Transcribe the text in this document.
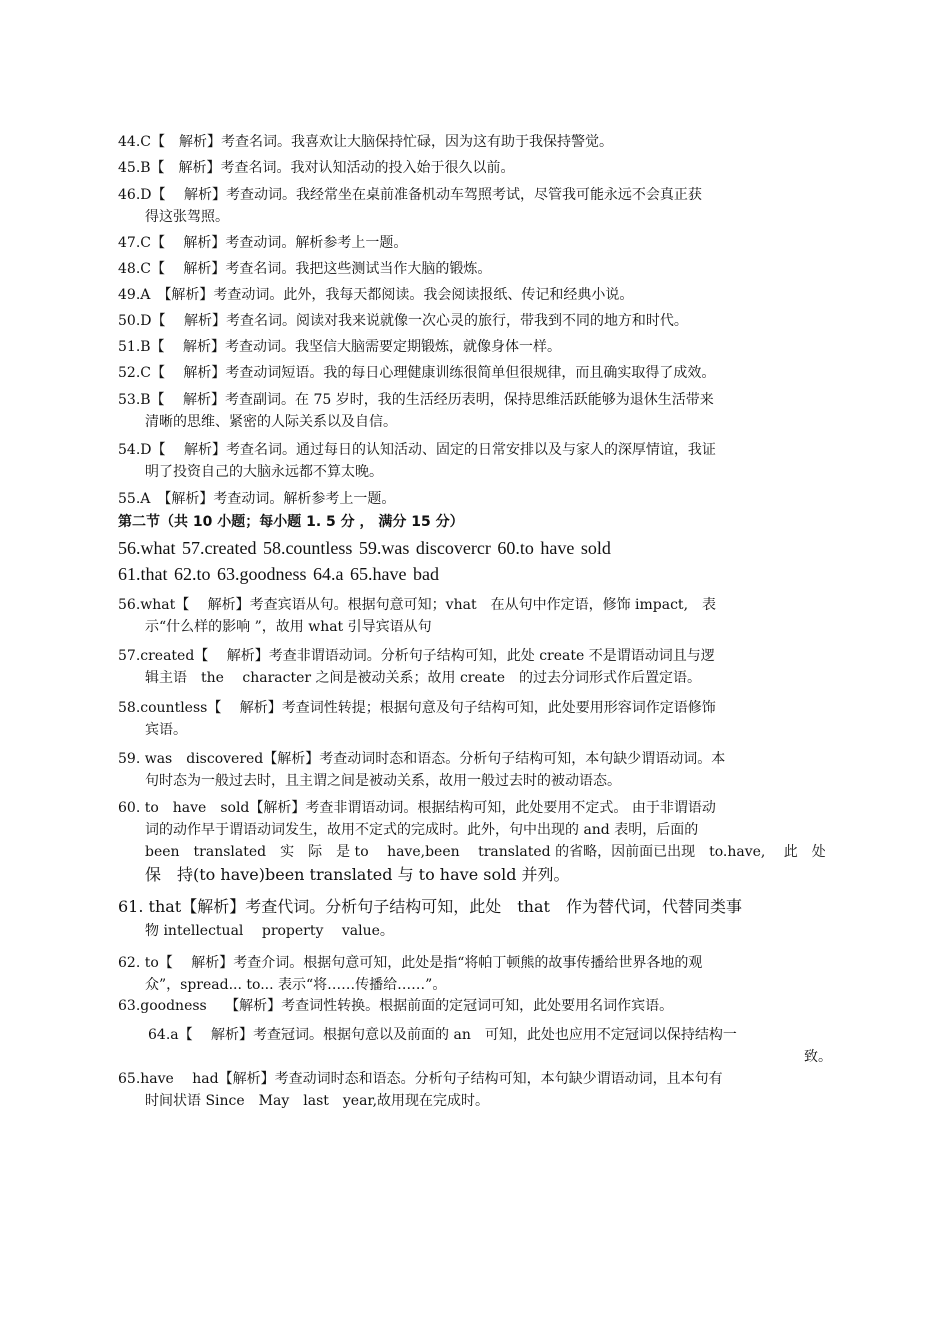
44.C【　解析】考查名词。我喜欢让大脑保持忙碌，因为这有助于我保持警觉。
45.B【　解析】考查名词。我对认知活动的投入始于很久以前。
46.D【　 解析】考查动词。我经常坐在桌前准备机动车驾照考试，尽管我可能永远不会真正获
得这张驾照。
47.C【　 解析】考查动词。解析参考上一题。
48.C【　 解析】考查名词。我把这些测试当作大脑的锻炼。
49.A　【解析】考查动词。此外，我每天都阅读。我会阅读报纸、传记和经典小说。
50.D【　 解析】考查名词。阅读对我来说就像一次心灵的旅行，带我到不同的地方和时代。
51.B【　 解析】考查动词。我坚信大脑需要定期锻炼，就像身体一样。
52.C【　 解析】考查动词短语。我的每日心理健康训练很简单但很规律，而且确实取得了成效。
53.B【　 解析】考查副词。在 75 岁时，我的生活经历表明，保持思维活跃能够为退休生活带来
清晰的思维、紧密的人际关系以及自信。
54.D【　 解析】考查名词。通过每日的认知活动、固定的日常安排以及与家人的深厚情谊，我证
明了投资自己的大脑永远都不算太晚。
55.A　【解析】考查动词。解析参考上一题。
第二节（共 10 小题；每小题 1. 5 分 ， 满分 15 分）
56.what 57.created 58.countless 59.was discovercr 60.to have sold
61.that 62.to 63.goodness 64.a 65.have bad
56.what【　 解析】考查宾语从句。根据句意可知；vhat　在从句中作定语，修饰 impact,　表
示“什么样的影响 ”，故用 what 引导宾语从句
57.created【　 解析】考查非谓语动词。分析句子结构可知，此处 create 不是谓语动词且与逻
辑主语　the　 character 之间是被动关系；故用 create　的过去分词形式作后置定语。
58.countless【　 解析】考查词性转提；根据句意及句子结构可知，此处要用形容词作定语修饰
宾语。
59. was　discovered【解析】考查动词时态和语态。分析句子结构可知，本句缺少谓语动词。本
句时态为一般过去时，且主谓之间是被动关系，故用一般过去时的被动语态。
60. to　have　sold【解析】考查非谓语动词。根据结构可知，此处要用不定式。 由于非谓语动
词的动作早于谓语动词发生，故用不定式的完成时。此外，句中出现的 and 表明，后面的
been　translated　实　际　是 to　 have,been　 translated 的省略，因前面已出现　to.have,　 此　处
保　持(to have)been translated 与 to have sold 并列。
61. that【解析】考查代词。分析句子结构可知，此处　that　作为替代词，代替同类事
物 intellectual　 property　 value。
62. to【　 解析】考查介词。根据句意可知，此处是指“将帕丁顿熊的故事传播给世界各地的观
众”，spread... to... 表示“将……传播给……”。
63.goodness　 【解析】考查词性转换。根据前面的定冠词可知，此处要用名词作宾语。
64.a【　 解析】考查冠词。根据句意以及前面的 an　可知，此处也应用不定冠词以保持结构一
致。
65.have　 had【解析】考查动词时态和语态。分析句子结构可知，本句缺少谓语动词，且本句有
时间状语 Since　May　last　year,故用现在完成时。
